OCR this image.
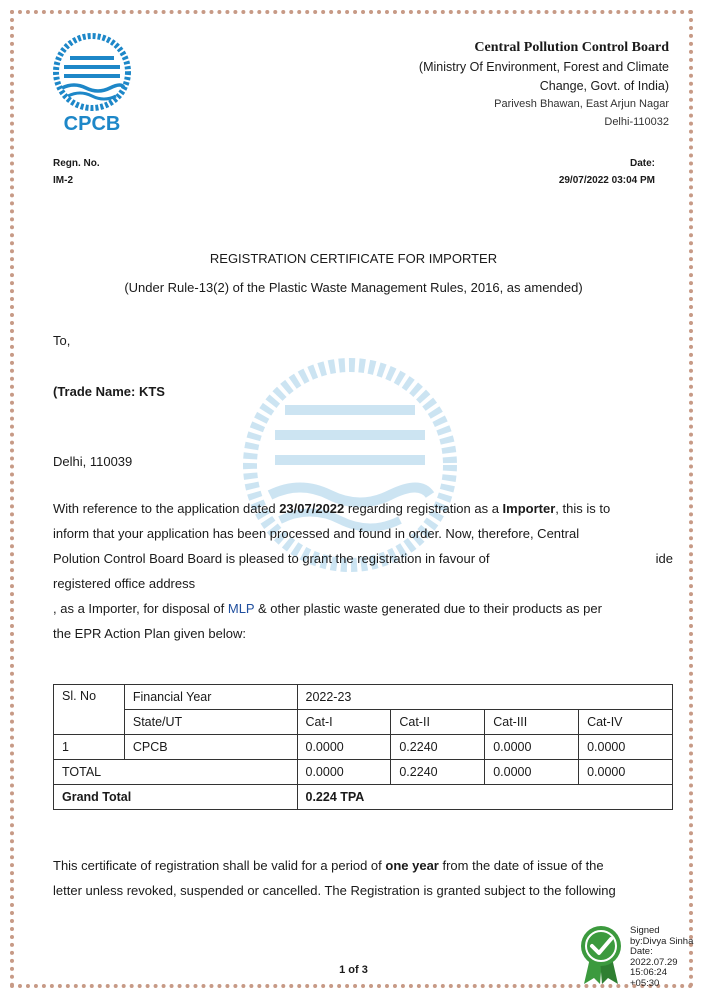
CPCB
Central Pollution Control Board
(Ministry Of Environment, Forest and Climate
Change, Govt. of India)
Parivesh Bhawan, East Arjun Nagar
Delhi-110032
Regn. No.
IM-2
Date:
29/07/2022 03:04 PM
REGISTRATION CERTIFICATE FOR IMPORTER
(Under Rule-13(2) of the Plastic Waste Management Rules, 2016, as amended)
To,
(Trade Name: KTS
Delhi, 110039
With reference to the application dated 23/07/2022 regarding registration as a Importer, this is to
inform that your application has been processed and found in order. Now, therefore, Central
Polution Control Board Board is pleased to grant the registration in favour of	ide
registered office address
, as a Importer, for disposal of MLP & other plastic waste generated due to their products as per
the EPR Action Plan given below:
Sl. No	Financial Year	2022-23			
	State/UT	Cat-I	Cat-II	Cat-III	Cat-IV
1	CPCB	0.0000	0.2240	0.0000	0.0000
TOTAL		0.0000	0.2240	0.0000	0.0000
Grand Total		0.224 TPA			
This certificate of registration shall be valid for a period of one year from the date of issue of the
letter unless revoked, suspended or cancelled. The Registration is granted subject to the following
1 of 3
Signed
by:Divya Sinha
Date:
2022.07.29
15:06:24
+05:30
